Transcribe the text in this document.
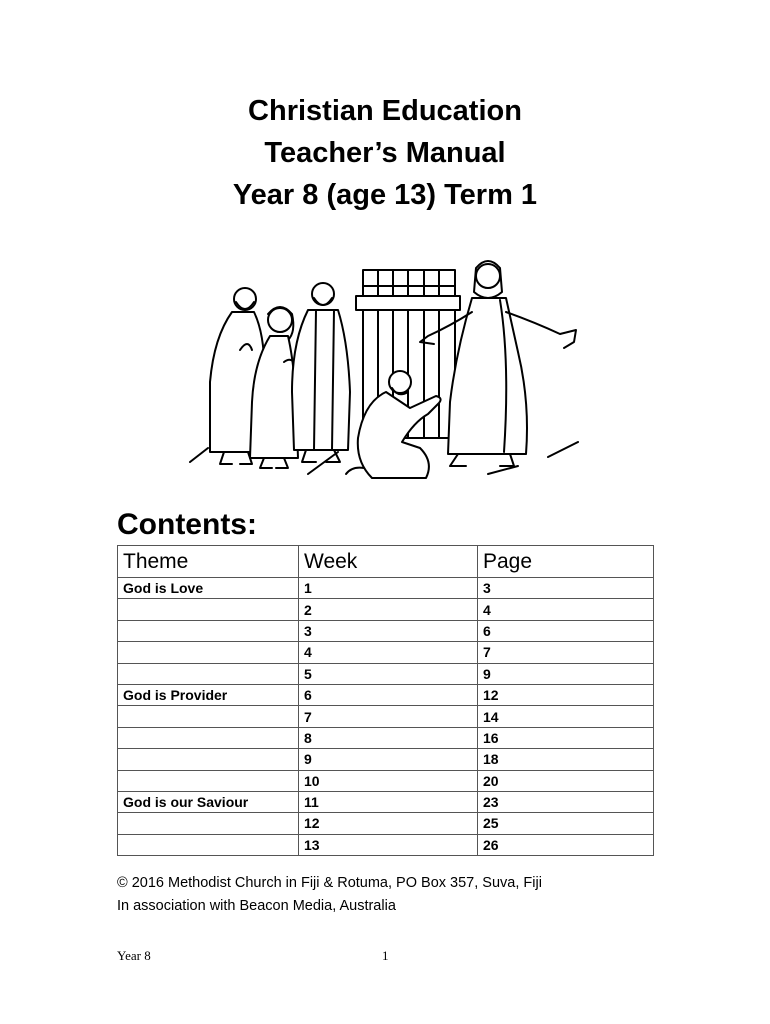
Christian Education
Teacher’s Manual
Year 8 (age 13) Term 1
Contents:
Theme	Week	Page
God is Love	1	3
	2	4
	3	6
	4	7
	5	9
God is Provider	6	12
	7	14
	8	16
	9	18
	10	20
God is our Saviour	11	23
	12	25
	13	26
© 2016 Methodist Church in Fiji & Rotuma, PO Box 357, Suva, Fiji
In association with Beacon Media, Australia
Year 8	1
